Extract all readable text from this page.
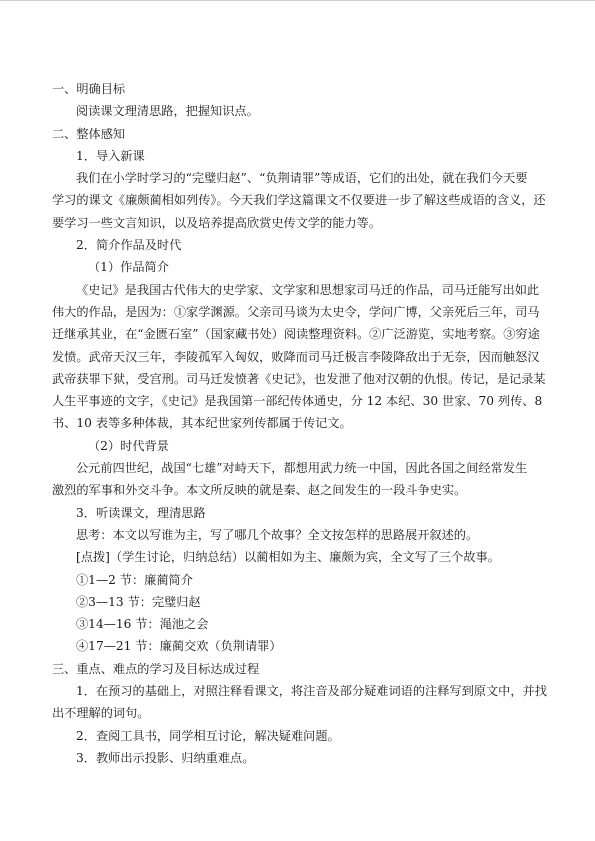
一、明确目标
阅读课文理清思路，把握知识点。
二、整体感知
1．导入新课
我们在小学时学习的“完璧归赵”、“负荆请罪”等成语，它们的出处，就在我们今天要
学习的课文《廉颇蔺相如列传》。今天我们学这篇课文不仅要进一步了解这些成语的含义，还
要学习一些文言知识，以及培养提高欣赏史传文学的能力等。
2．简介作品及时代
（1）作品简介
《史记》是我国古代伟大的史学家、文学家和思想家司马迁的作品，司马迁能写出如此
伟大的作品，是因为：①家学渊源。父亲司马谈为太史令，学问广博，父亲死后三年，司马
迁继承其业，在“金匮石室”（国家藏书处）阅读整理资料。②广泛游览，实地考察。③穷途
发愤。武帝天汉三年，李陵孤军入匈奴，败降而司马迁极言李陵降敌出于无奈，因而触怒汉
武帝获罪下狱，受宫刑。司马迁发愤著《史记》，也发泄了他对汉朝的仇恨。传记，是记录某
人生平事迹的文字，《史记》是我国第一部纪传体通史，分 12 本纪、30 世家、70 列传、8
书、10 表等多种体裁，其本纪世家列传都属于传记文。
（2）时代背景
公元前四世纪，战国“七雄”对峙天下，都想用武力统一中国，因此各国之间经常发生
激烈的军事和外交斗争。本文所反映的就是秦、赵之间发生的一段斗争史实。
3．听读课文，理清思路
思考：本文以写谁为主，写了哪几个故事？全文按怎样的思路展开叙述的。
[点拨]（学生讨论，归纳总结）以蔺相如为主、廉颇为宾，全文写了三个故事。
①1—2 节：廉蔺简介
②3—13 节：完璧归赵
③14—16 节：渑池之会
④17—21 节：廉蔺交欢（负荆请罪）
三、重点、难点的学习及目标达成过程
1．在预习的基础上，对照注释看课文，将注音及部分疑难词语的注释写到原文中，并找
出不理解的词句。
2．查阅工具书，同学相互讨论，解决疑难问题。
3．教师出示投影、归纳重难点。
